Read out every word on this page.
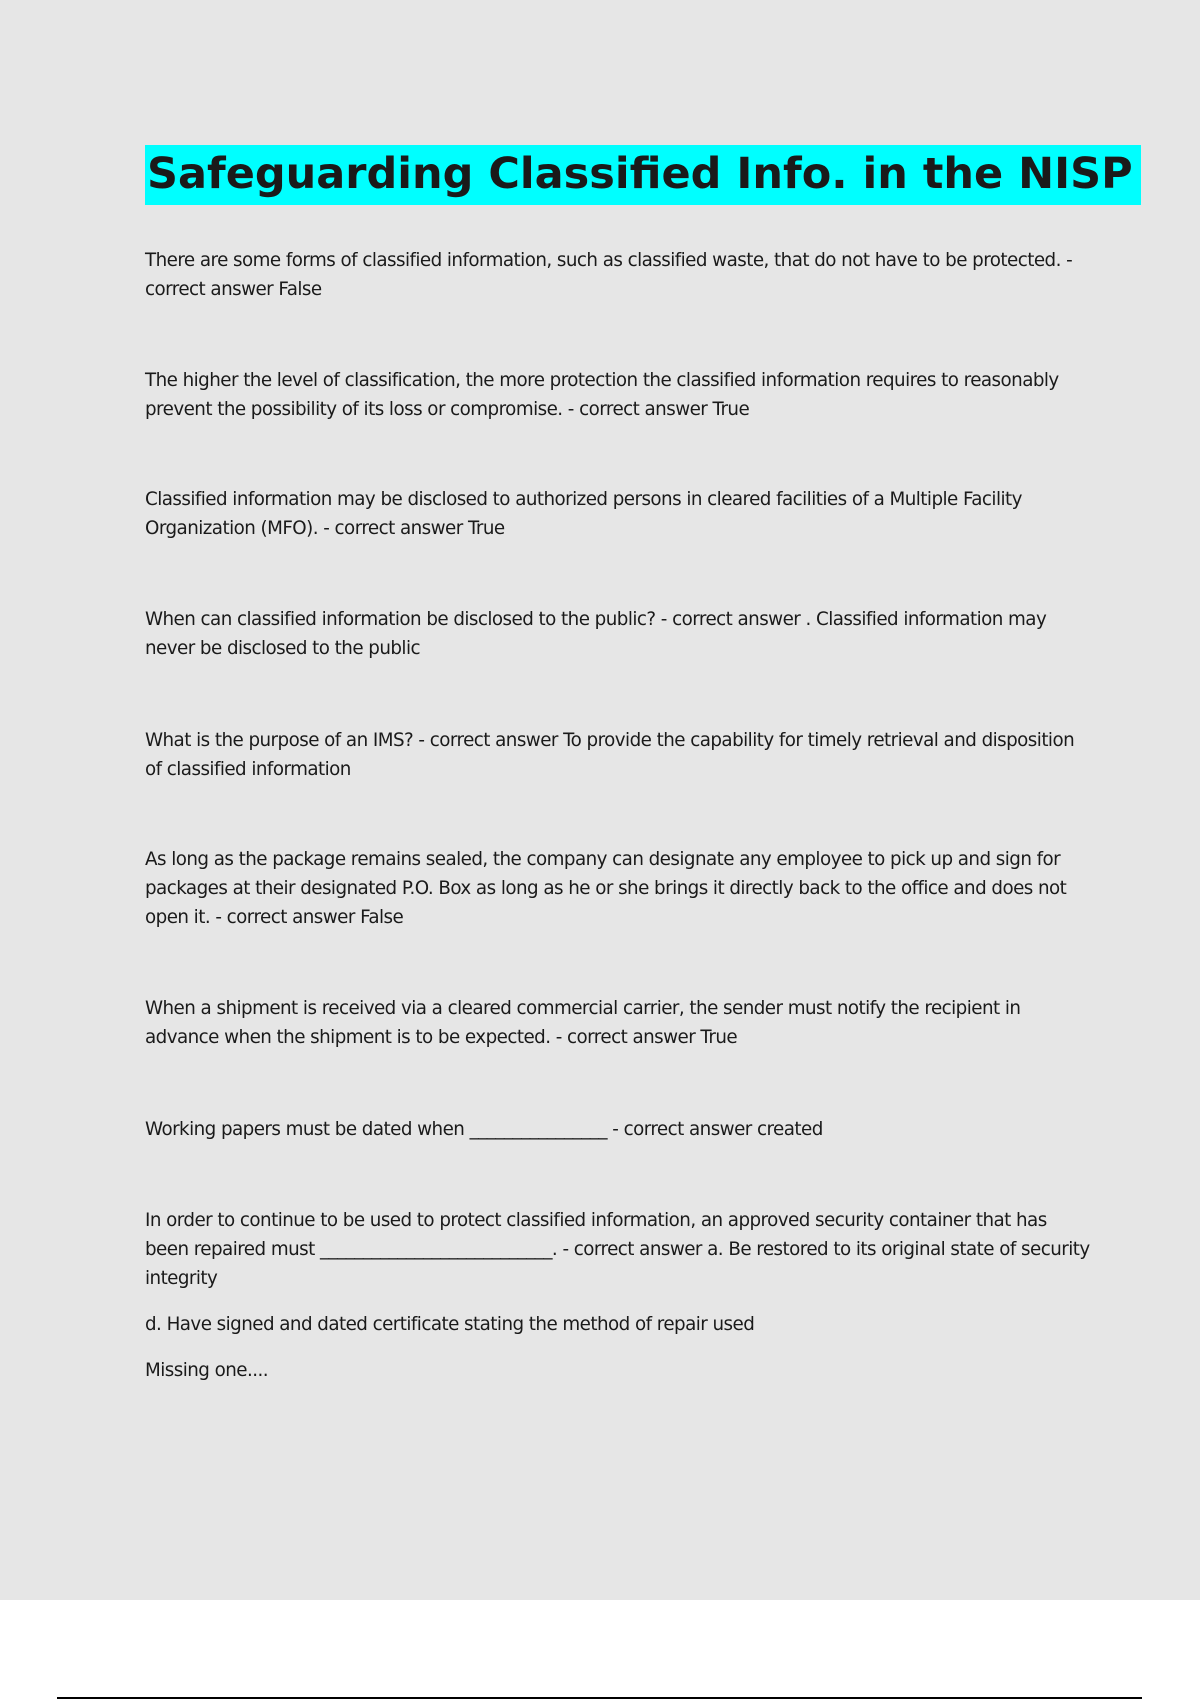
Safeguarding Classified Info. in the NISP

There are some forms of classified information, such as classified waste, that do not have to be protected. - correct answer False

The higher the level of classification, the more protection the classified information requires to reasonably prevent the possibility of its loss or compromise. - correct answer True

Classified information may be disclosed to authorized persons in cleared facilities of a Multiple Facility Organization (MFO). - correct answer True

When can classified information be disclosed to the public? - correct answer . Classified information may never be disclosed to the public

What is the purpose of an IMS? - correct answer To provide the capability for timely retrieval and disposition of classified information

As long as the package remains sealed, the company can designate any employee to pick up and sign for packages at their designated P.O. Box as long as he or she brings it directly back to the office and does not open it. - correct answer False

When a shipment is received via a cleared commercial carrier, the sender must notify the recipient in advance when the shipment is to be expected. - correct answer True

Working papers must be dated when ________________ - correct answer created

In order to continue to be used to protect classified information, an approved security container that has been repaired must ___________________________. - correct answer a. Be restored to its original state of security integrity

d. Have signed and dated certificate stating the method of repair used

Missing one....
